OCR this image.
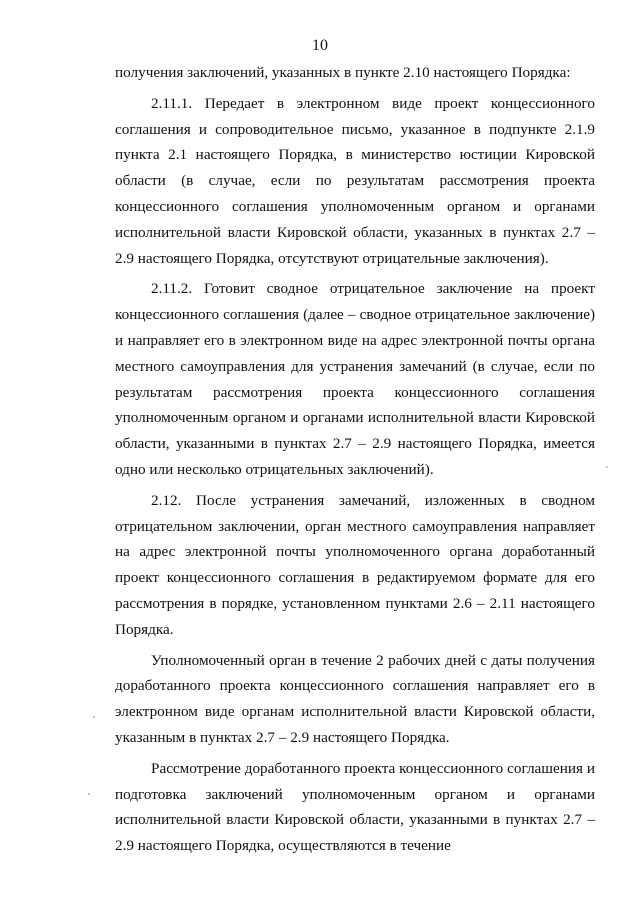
10

получения заключений, указанных в пункте 2.10 настоящего Порядка:

2.11.1. Передает в электронном виде проект концессионного соглашения и сопроводительное письмо, указанное в подпункте 2.1.9 пункта 2.1 настоящего Порядка, в министерство юстиции Кировской области (в случае, если по результатам рассмотрения проекта концессионного соглашения уполномоченным органом и органами исполнительной власти Кировской области, указанных в пунктах 2.7 – 2.9 настоящего Порядка, отсутствуют отрицательные заключения).

2.11.2. Готовит сводное отрицательное заключение на проект концессионного соглашения (далее – сводное отрицательное заключение) и направляет его в электронном виде на адрес электронной почты органа местного самоуправления для устранения замечаний (в случае, если по результатам рассмотрения проекта концессионного соглашения уполномоченным органом и органами исполнительной власти Кировской области, указанными в пунктах 2.7 – 2.9 настоящего Порядка, имеется одно или несколько отрицательных заключений).

2.12. После устранения замечаний, изложенных в сводном отрицательном заключении, орган местного самоуправления направляет на адрес электронной почты уполномоченного органа доработанный проект концессионного соглашения в редактируемом формате для его рассмотрения в порядке, установленном пунктами 2.6 – 2.11 настоящего Порядка.

Уполномоченный орган в течение 2 рабочих дней с даты получения доработанного проекта концессионного соглашения направляет его в электронном виде органам исполнительной власти Кировской области, указанным в пунктах 2.7 – 2.9 настоящего Порядка.

Рассмотрение доработанного проекта концессионного соглашения и подготовка заключений уполномоченным органом и органами исполнительной власти Кировской области, указанными в пунктах 2.7 – 2.9 настоящего Порядка, осуществляются в течение
